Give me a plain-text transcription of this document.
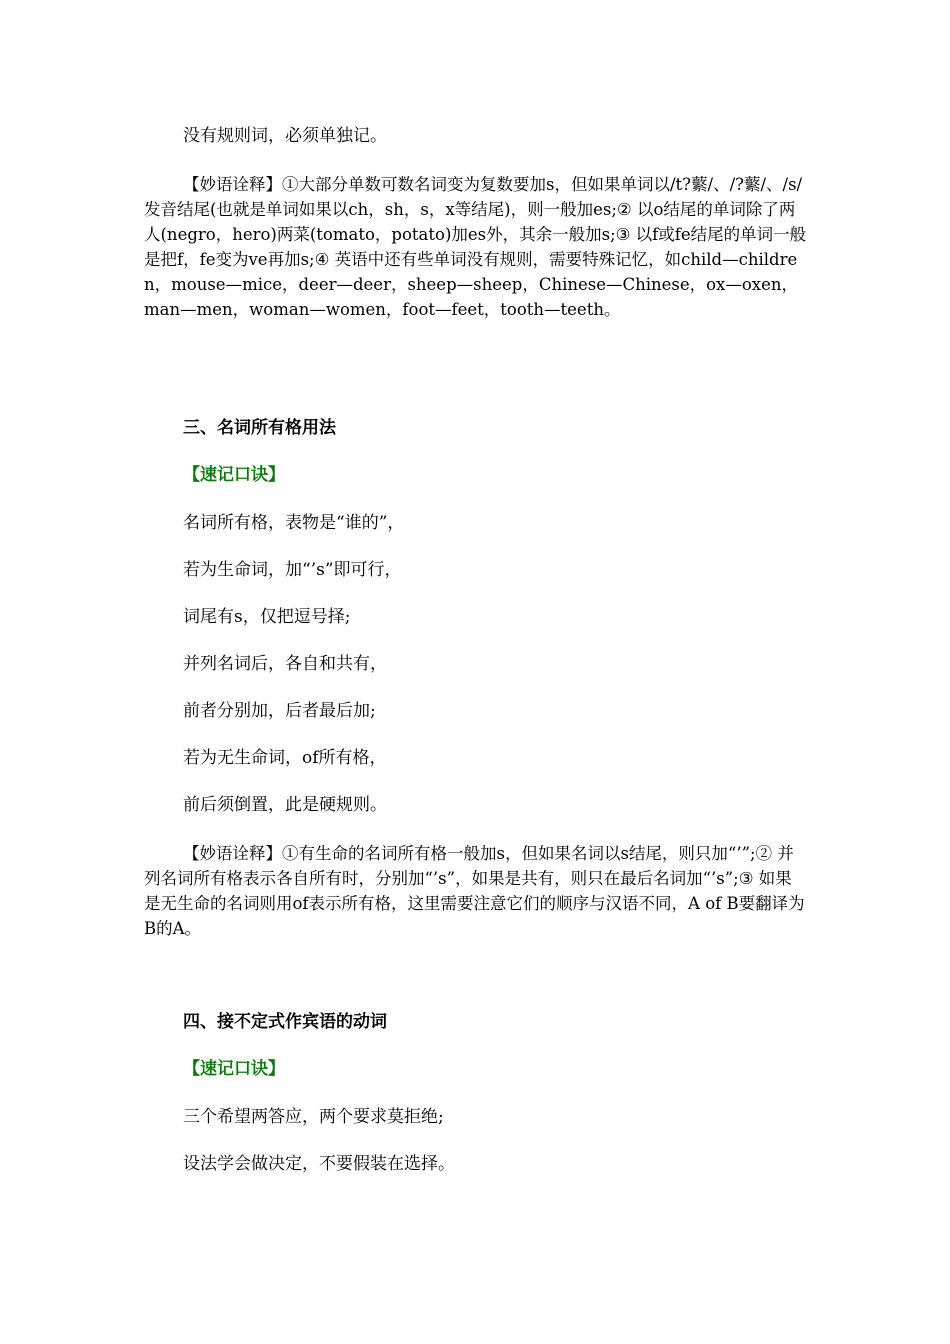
没有规则词，必须单独记。
【妙语诠释】①大部分单数可数名词变为复数要加s，但如果单词以/t?蘩/、/?蘩/、/s/发音结尾(也就是单词如果以ch，sh，s，x等结尾)，则一般加es;② 以o结尾的单词除了两人(negro，hero)两菜(tomato，potato)加es外，其余一般加s;③ 以f或fe结尾的单词一般是把f，fe变为ve再加s;④ 英语中还有些单词没有规则，需要特殊记忆，如child—children，mouse—mice，deer—deer，sheep—sheep，Chinese—Chinese，ox—oxen，man—men，woman—women，foot—feet，tooth—teeth。
三、名词所有格用法
【速记口诀】
名词所有格，表物是“谁的”，
若为生命词，加“’s”即可行，
词尾有s，仅把逗号择;
并列名词后，各自和共有，
前者分别加，后者最后加;
若为无生命词，of所有格，
前后须倒置，此是硬规则。
【妙语诠释】①有生命的名词所有格一般加s，但如果名词以s结尾，则只加“’”;② 并列名词所有格表示各自所有时，分别加“’s”，如果是共有，则只在最后名词加“’s”;③ 如果是无生命的名词则用of表示所有格，这里需要注意它们的顺序与汉语不同，A of B要翻译为B的A。
四、接不定式作宾语的动词
【速记口诀】
三个希望两答应，两个要求莫拒绝;
设法学会做决定，不要假装在选择。
